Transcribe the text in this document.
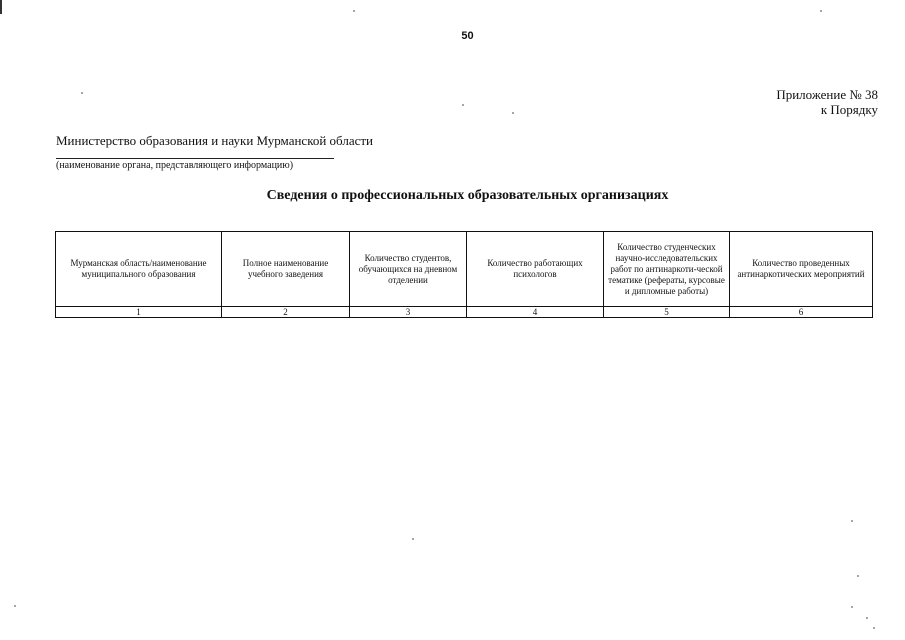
50
Приложение № 38
к Порядку
Министерство образования и науки Мурманской области
(наименование органа, представляющего информацию)
Сведения о профессиональных образовательных организациях
Мурманская область/наименование муниципального образования	Полное наименование учебного заведения	Количество студентов, обучающихся на дневном отделении	Количество работающих психологов	Количество студенческих научно-исследовательских работ по антинаркоти-ческой тематике (рефераты, курсовые и дипломные работы)	Количество проведенных антинаркотических мероприятий
1	2	3	4	5	6
